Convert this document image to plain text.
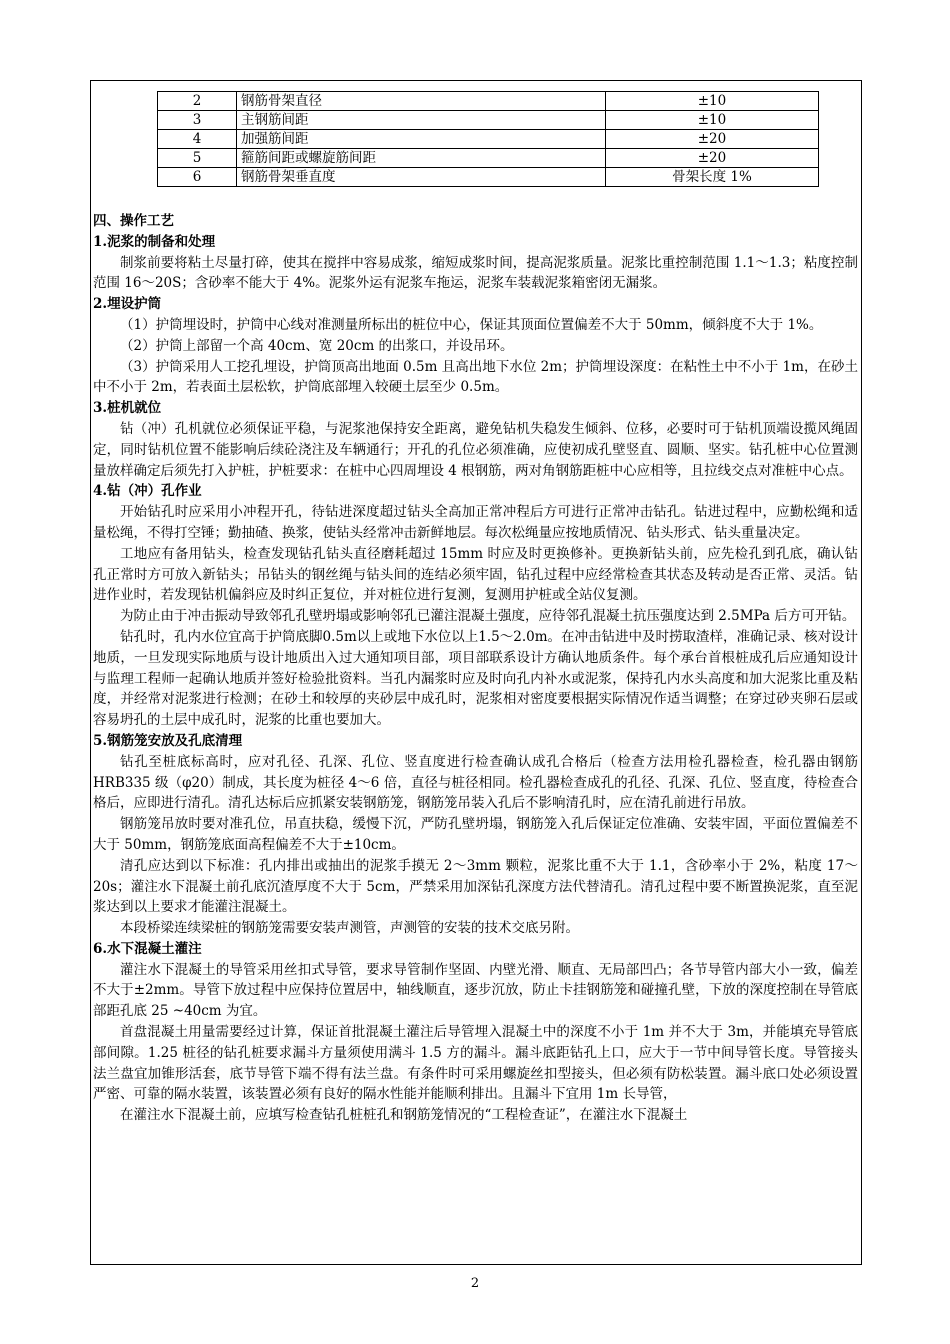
2	钢筋骨架直径	±10
3	主钢筋间距	±10
4	加强筋间距	±20
5	箍筋间距或螺旋筋间距	±20
6	钢筋骨架垂直度	骨架长度 1%
四、操作工艺
1.泥浆的制备和处理

制浆前要将粘土尽量打碎，使其在搅拌中容易成浆，缩短成浆时间，提高泥浆质量。泥浆比重控制范围 1.1～1.3；粘度控制范围 16～20S；含砂率不能大于 4%。泥浆外运有泥浆车拖运，泥浆车装载泥浆箱密闭无漏浆。

2.埋设护筒

（1）护筒埋设时，护筒中心线对准测量所标出的桩位中心，保证其顶面位置偏差不大于 50mm，倾斜度不大于 1%。

（2）护筒上部留一个高 40cm、宽 20cm 的出浆口，并设吊环。

（3）护筒采用人工挖孔埋设，护筒顶高出地面 0.5m 且高出地下水位 2m；护筒埋设深度：在粘性土中不小于 1m，在砂土中不小于 2m，若表面土层松软，护筒底部埋入较硬土层至少 0.5m。

3.桩机就位

钻（冲）孔机就位必须保证平稳，与泥浆池保持安全距离，避免钻机失稳发生倾斜、位移，必要时可于钻机顶端设揽风绳固定，同时钻机位置不能影响后续砼浇注及车辆通行；开孔的孔位必须准确，应使初成孔壁竖直、圆顺、坚实。钻孔桩中心位置测量放样确定后须先打入护桩，护桩要求：在桩中心四周埋设 4 根钢筋，两对角钢筋距桩中心应相等，且拉线交点对准桩中心点。

4.钻（冲）孔作业

开始钻孔时应采用小冲程开孔，待钻进深度超过钻头全高加正常冲程后方可进行正常冲击钻孔。钻进过程中，应勤松绳和适量松绳，不得打空锤；勤抽碴、换浆，使钻头经常冲击新鲜地层。每次松绳量应按地质情况、钻头形式、钻头重量决定。

工地应有备用钻头，检查发现钻孔钻头直径磨耗超过 15mm 时应及时更换修补。更换新钻头前，应先检孔到孔底，确认钻孔正常时方可放入新钻头；吊钻头的钢丝绳与钻头间的连结必须牢固，钻孔过程中应经常检查其状态及转动是否正常、灵活。钻进作业时，若发现钻机偏斜应及时纠正复位，并对桩位进行复测，复测用护桩或全站仪复测。

为防止由于冲击振动导致邻孔孔壁坍塌或影响邻孔已灌注混凝土强度，应待邻孔混凝土抗压强度达到 2.5MPa 后方可开钻。

钻孔时，孔内水位宜高于护筒底脚0.5m以上或地下水位以上1.5～2.0m。在冲击钻进中及时捞取渣样，准确记录、核对设计地质，一旦发现实际地质与设计地质出入过大通知项目部，项目部联系设计方确认地质条件。每个承台首根桩成孔后应通知设计与监理工程师一起确认地质并签好检验批资料。当孔内漏浆时应及时向孔内补水或泥浆，保持孔内水头高度和加大泥浆比重及粘度，并经常对泥浆进行检测；在砂土和较厚的夹砂层中成孔时，泥浆相对密度要根据实际情况作适当调整；在穿过砂夹卵石层或容易坍孔的土层中成孔时，泥浆的比重也要加大。

5.钢筋笼安放及孔底清理

钻孔至桩底标高时，应对孔径、孔深、孔位、竖直度进行检查确认成孔合格后（检查方法用检孔器检查，检孔器由钢筋 HRB335 级（φ20）制成，其长度为桩径 4～6 倍，直径与桩径相同。检孔器检查成孔的孔径、孔深、孔位、竖直度，待检查合格后，应即进行清孔。清孔达标后应抓紧安装钢筋笼，钢筋笼吊装入孔后不影响清孔时，应在清孔前进行吊放。

钢筋笼吊放时要对准孔位，吊直扶稳，缓慢下沉，严防孔壁坍塌，钢筋笼入孔后保证定位准确、安装牢固，平面位置偏差不大于 50mm，钢筋笼底面高程偏差不大于±10cm。

清孔应达到以下标准：孔内排出或抽出的泥浆手摸无 2～3mm 颗粒，泥浆比重不大于 1.1，含砂率小于 2%，粘度 17～20s；灌注水下混凝土前孔底沉渣厚度不大于 5cm，严禁采用加深钻孔深度方法代替清孔。清孔过程中要不断置换泥浆，直至泥浆达到以上要求才能灌注混凝土。

本段桥梁连续梁桩的钢筋笼需要安装声测管，声测管的安装的技术交底另附。

6.水下混凝土灌注

灌注水下混凝土的导管采用丝扣式导管，要求导管制作坚固、内壁光滑、顺直、无局部凹凸；各节导管内部大小一致，偏差不大于±2mm。导管下放过程中应保持位置居中，轴线顺直，逐步沉放，防止卡挂钢筋笼和碰撞孔壁，下放的深度控制在导管底部距孔底 25 ~40cm 为宜。

首盘混凝土用量需要经过计算，保证首批混凝土灌注后导管埋入混凝土中的深度不小于 1m 并不大于 3m，并能填充导管底部间隙。1.25 桩径的钻孔桩要求漏斗方量须使用满斗 1.5 方的漏斗。漏斗底距钻孔上口，应大于一节中间导管长度。导管接头法兰盘宜加锥形活套，底节导管下端不得有法兰盘。有条件时可采用螺旋丝扣型接头，但必须有防松装置。漏斗底口处必须设置严密、可靠的隔水装置，该装置必须有良好的隔水性能并能顺利排出。且漏斗下宜用 1m 长导管，

在灌注水下混凝土前，应填写检查钻孔桩桩孔和钢筋笼情况的“工程检查证”，在灌注水下混凝土

2
